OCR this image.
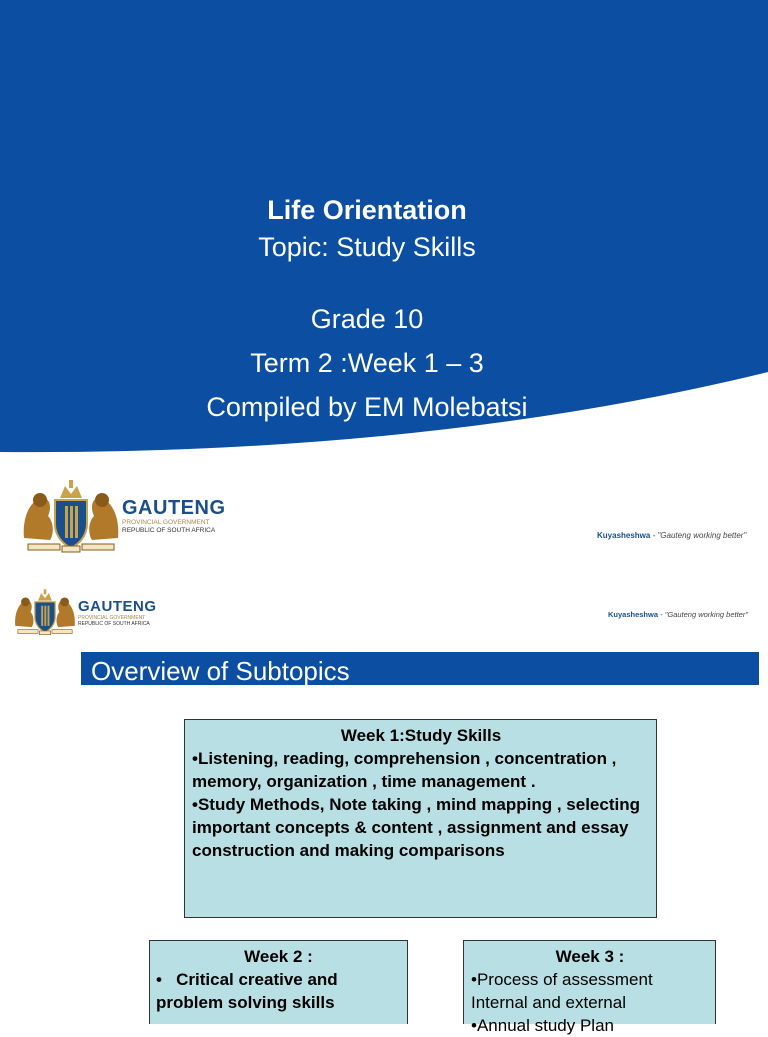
Life Orientation
Topic: Study Skills
Grade 10
Term 2 :Week 1 – 3
Compiled by EM Molebatsi
GAUTENG
PROVINCIAL GOVERNMENT
REPUBLIC OF SOUTH AFRICA
Kuyasheshwa - "Gauteng working better"
GAUTENG
PROVINCIAL GOVERNMENT
REPUBLIC OF SOUTH AFRICA
Kuyasheshwa - "Gauteng working better"
Overview of Subtopics
Week 1:Study Skills

•Listening, reading, comprehension , concentration , memory, organization , time management .

•Study Methods, Note taking , mind mapping , selecting important concepts & content , assignment and essay construction and making comparisons

Week 2 :

•   Critical creative and problem solving skills

Week 3 :

•Process of assessment Internal and external

•Annual study Plan
